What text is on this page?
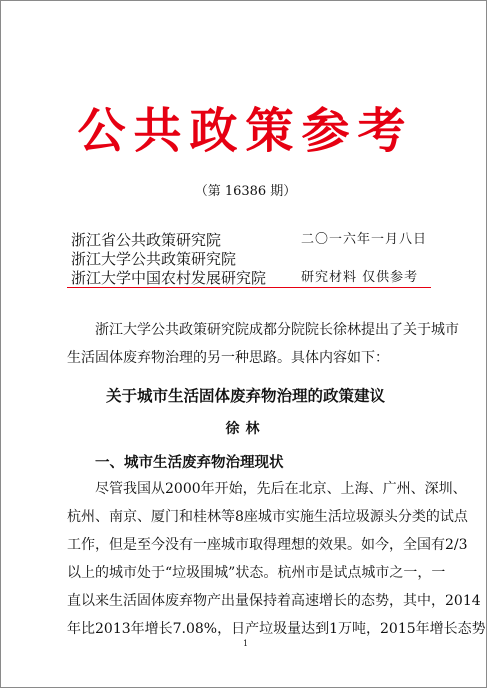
公共政策参考
（第 16386 期）
浙江省公共政策研究院
浙江大学公共政策研究院
浙江大学中国农村发展研究院
二〇一六年一月八日
研究材料 仅供参考
浙江大学公共政策研究院成都分院院长徐林提出了关于城市
生活固体废弃物治理的另一种思路。具体内容如下：
关于城市生活固体废弃物治理的政策建议
徐林
一、城市生活废弃物治理现状
尽管我国从2000年开始，先后在北京、上海、广州、深圳、
杭州、南京、厦门和桂林等8座城市实施生活垃圾源头分类的试点
工作，但是至今没有一座城市取得理想的效果。如今，全国有2/3
以上的城市处于“垃圾围城”状态。杭州市是试点城市之一，一
直以来生活固体废弃物产出量保持着高速增长的态势，其中，2014
年比2013年增长7.08%，日产垃圾量达到1万吨，2015年增长态势
1
